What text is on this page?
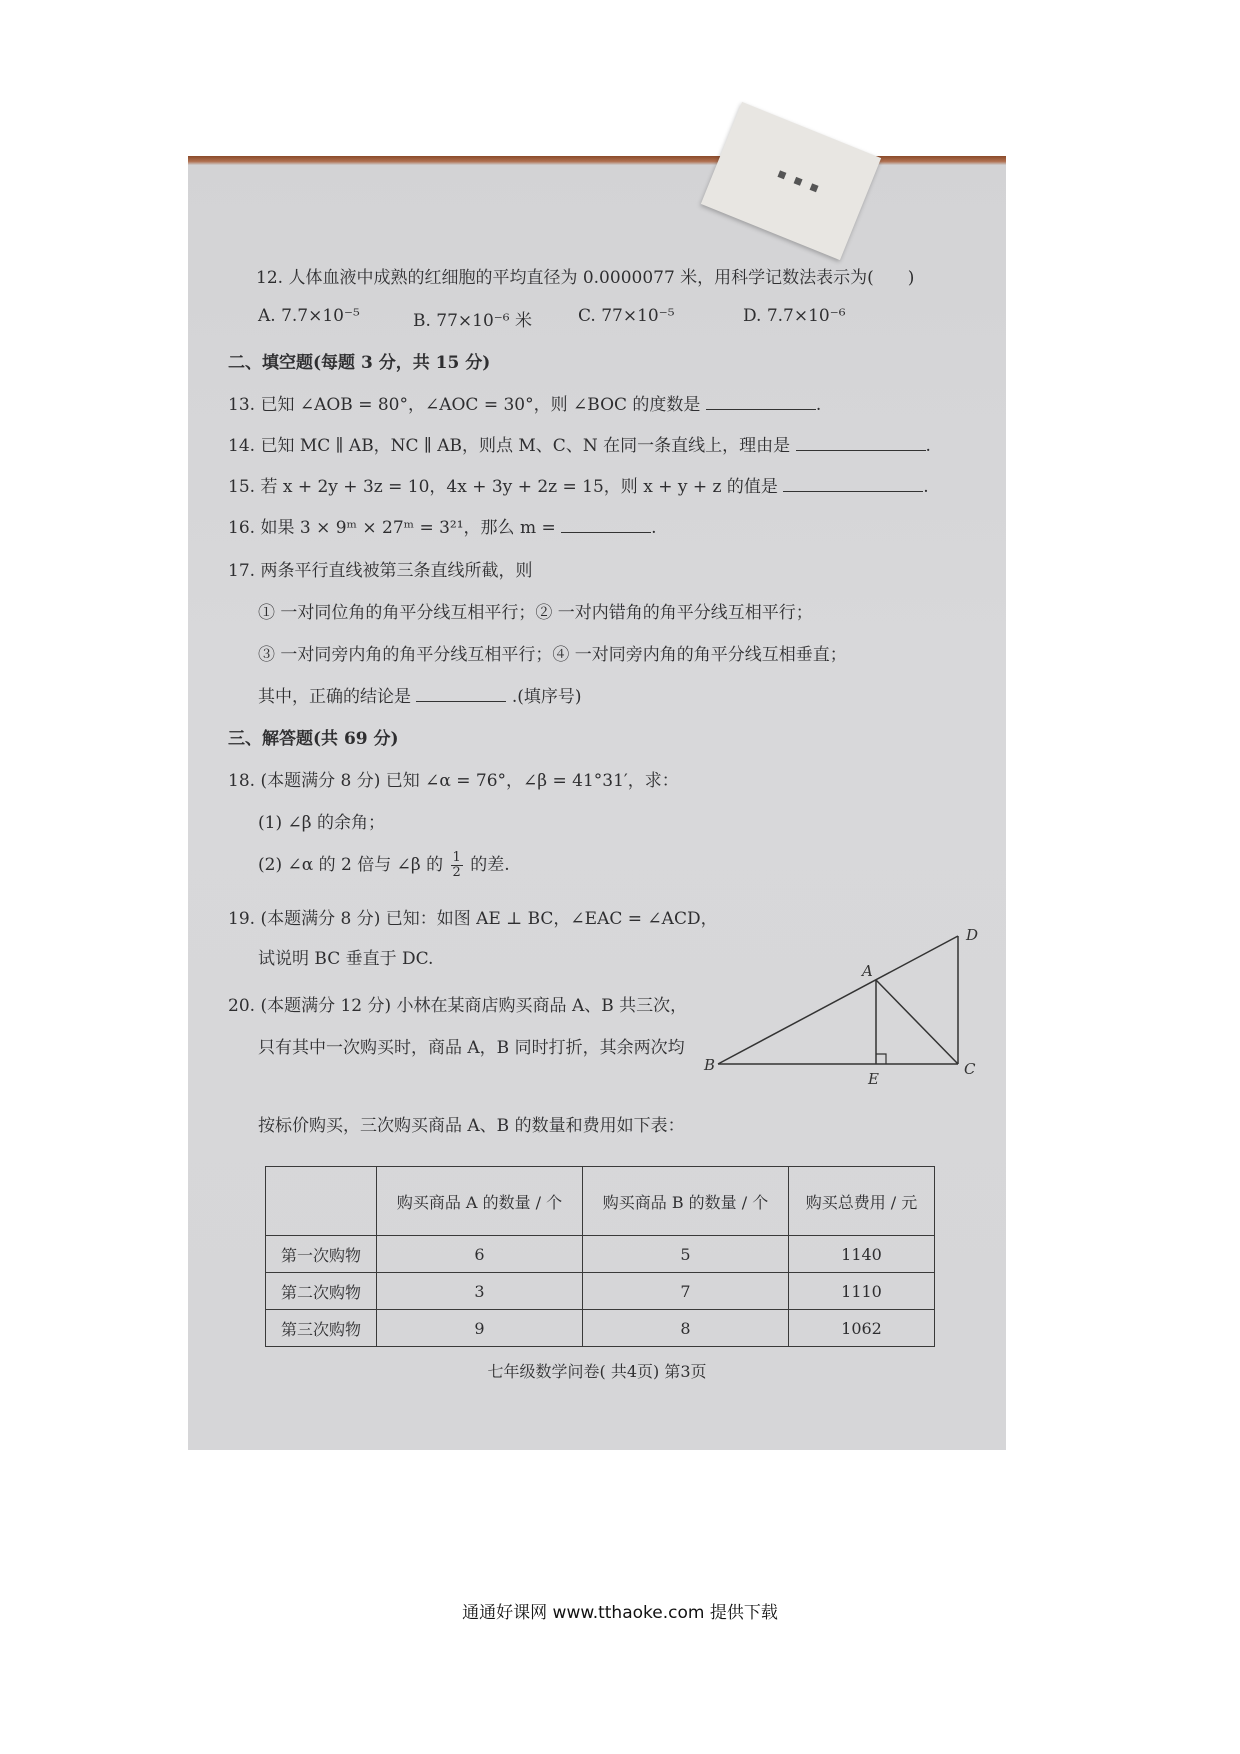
■ ■ ■
12. 人体血液中成熟的红细胞的平均直径为 0.0000077 米，用科学记数法表示为(　　)
A. 7.7×10⁻⁵	B. 77×10⁻⁶ 米	C. 77×10⁻⁵	D. 7.7×10⁻⁶
二、填空题(每题 3 分，共 15 分)
13. 已知 ∠AOB = 80°，∠AOC = 30°，则 ∠BOC 的度数是	.
14. 已知 MC ∥ AB，NC ∥ AB，则点 M、C、N 在同一条直线上，理由是	.
15. 若 x + 2y + 3z = 10，4x + 3y + 2z = 15，则 x + y + z 的值是	.
16. 如果 3 × 9ᵐ × 27ᵐ = 3²¹，那么 m =	.
17. 两条平行直线被第三条直线所截，则
① 一对同位角的角平分线互相平行；② 一对内错角的角平分线互相平行；
③ 一对同旁内角的角平分线互相平行；④ 一对同旁内角的角平分线互相垂直；
其中，正确的结论是	.(填序号)
三、解答题(共 69 分)
18. (本题满分 8 分) 已知 ∠α = 76°，∠β = 41°31′，求：
(1) ∠β 的余角；
(2) ∠α 的 2 倍与 ∠β 的 $\frac{1}{2}$ 的差.
19. (本题满分 8 分) 已知：如图 AE ⊥ BC，∠EAC = ∠ACD，
试说明 BC 垂直于 DC.
B	C
D
A
E
20. (本题满分 12 分) 小林在某商店购买商品 A、B 共三次，
只有其中一次购买时，商品 A，B 同时打折，其余两次均
按标价购买，三次购买商品 A、B 的数量和费用如下表：
	购买商品 A 的数量 / 个	购买商品 B 的数量 / 个	购买总费用 / 元
第一次购物	6	5	1140
第二次购物	3	7	1110
第三次购物	9	8	1062
七年级数学问卷( 共4页) 第3页
通通好课网 www.tthaoke.com 提供下载
